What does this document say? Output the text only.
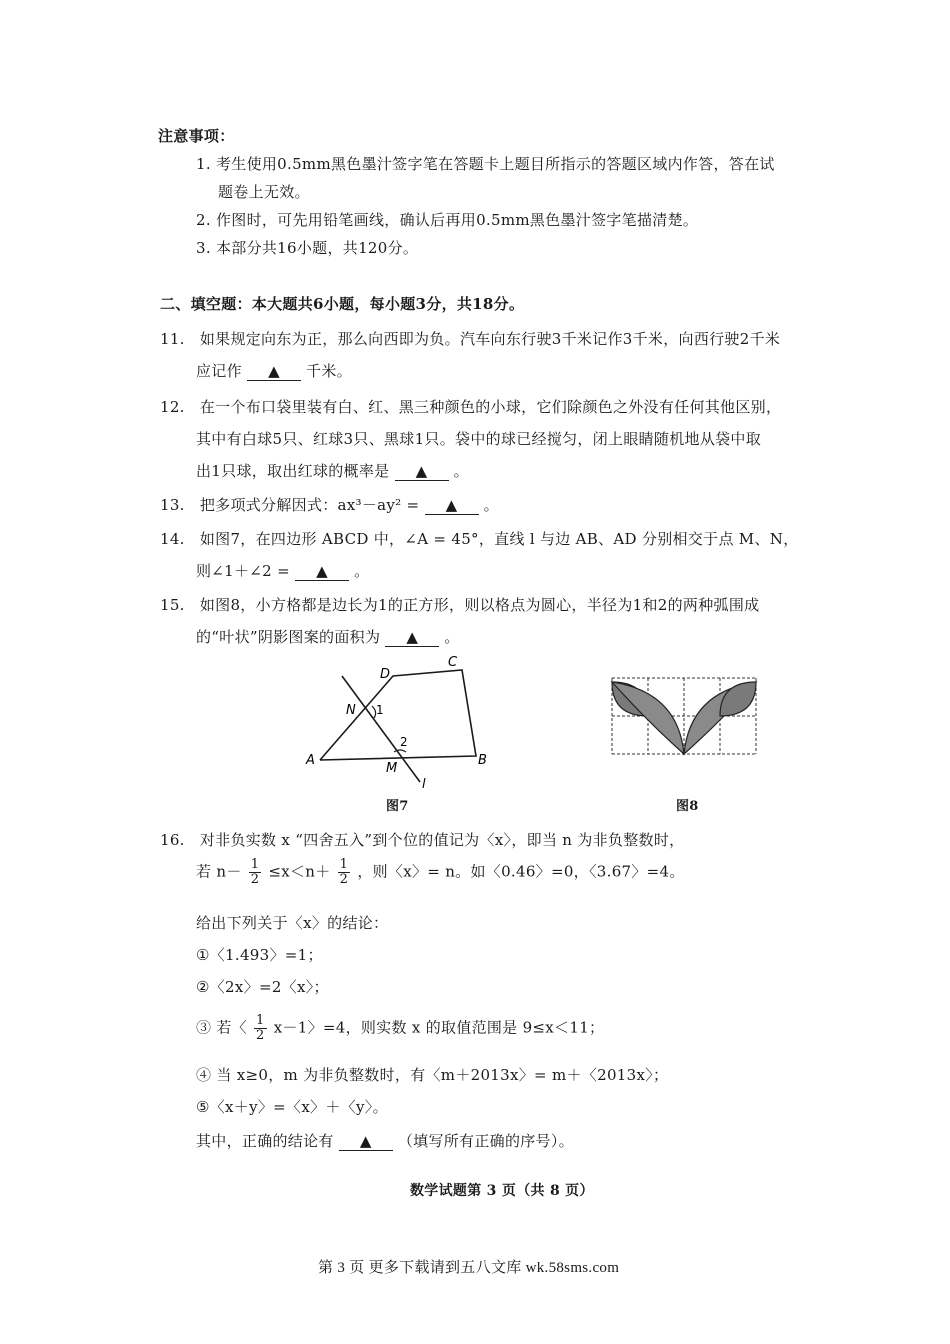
注意事项：
1. 考生使用0.5mm黑色墨汁签字笔在答题卡上题目所指示的答题区域内作答，答在试
题卷上无效。
2. 作图时，可先用铅笔画线，确认后再用0.5mm黑色墨汁签字笔描清楚。
3. 本部分共16小题，共120分。
二、填空题：本大题共6小题，每小题3分，共18分。
11. 如果规定向东为正，那么向西即为负。汽车向东行驶3千米记作3千米，向西行驶2千米
应记作 ▲ 千米。
12. 在一个布口袋里装有白、红、黑三种颜色的小球，它们除颜色之外没有任何其他区别，
其中有白球5只、红球3只、黑球1只。袋中的球已经搅匀，闭上眼睛随机地从袋中取
出1只球，取出红球的概率是 ▲ 。
13. 把多项式分解因式：ax³－ay² = ▲ 。
14. 如图7，在四边形 ABCD 中，∠A = 45°，直线 l 与边 AB、AD 分别相交于点 M、N，
则∠1＋∠2 = ▲ 。
15. 如图8，小方格都是边长为1的正方形，则以格点为圆心，半径为1和2的两种弧围成
的“叶状”阴影图案的面积为 ▲ 。
D
C
N 1
2
A
M
B
l
图7	图8
16. 对非负实数 x “四舍五入”到个位的值记为〈x〉，即当 n 为非负整数时，
若 $n- \frac{1}{2} \le x<n+ \frac{1}{2}$ ，则〈x〉= n。如〈0.46〉=0，〈3.67〉=4。
给出下列关于〈x〉的结论：
①〈1.493〉=1；
②〈2x〉=2〈x〉；
③ 若〈 $\frac{1}{2} x-1$〉=4，则实数 x 的取值范围是 9≤x＜11；
④ 当 x≥0，m 为非负整数时，有〈m＋2013x〉= m＋〈2013x〉；
⑤〈x＋y〉=〈x〉＋〈y〉。
其中，正确的结论有 ▲ （填写所有正确的序号）。
数学试题第 3 页（共 8 页）
第 3 页 更多下载请到五八文库 wk.58sms.com
